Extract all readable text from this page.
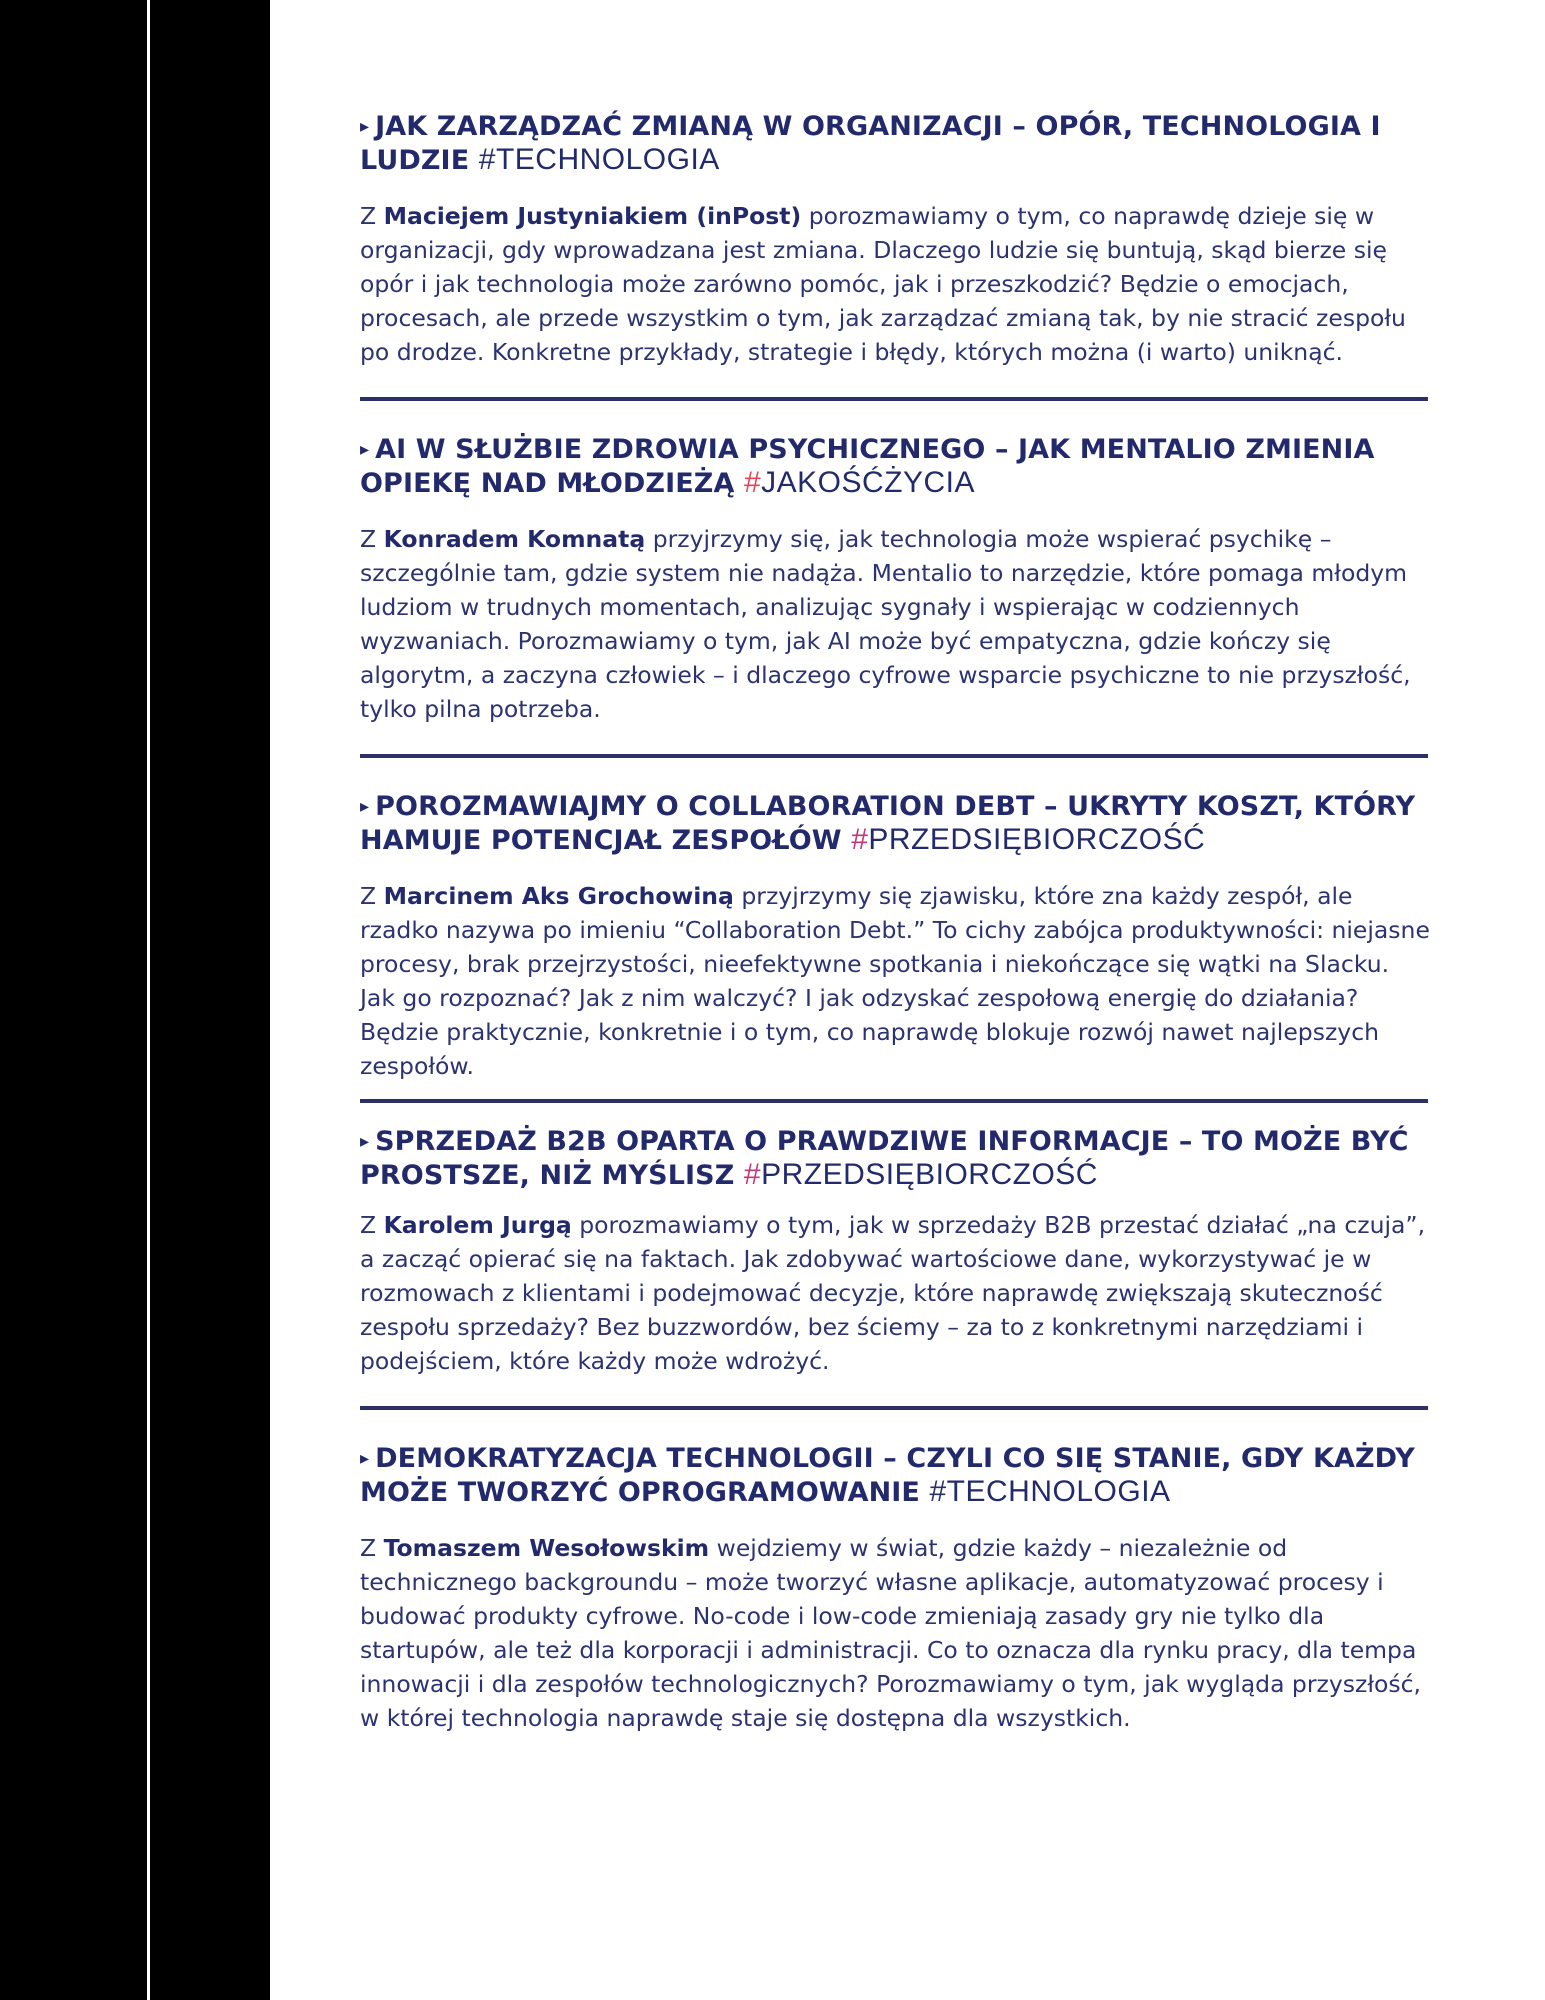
▸ JAK ZARZĄDZAĆ ZMIANĄ W ORGANIZACJI – OPÓR, TECHNOLOGIA I LUDZIE #TECHNOLOGIA

Z Maciejem Justyniakiem (inPost) porozmawiamy o tym, co naprawdę dzieje się w organizacji, gdy wprowadzana jest zmiana. Dlaczego ludzie się buntują, skąd bierze się opór i jak technologia może zarówno pomóc, jak i przeszkodzić? Będzie o emocjach, procesach, ale przede wszystkim o tym, jak zarządzać zmianą tak, by nie stracić zespołu po drodze. Konkretne przykłady, strategie i błędy, których można (i warto) uniknąć.

▸ AI W SŁUŻBIE ZDROWIA PSYCHICZNEGO – JAK MENTALIO ZMIENIA OPIEKĘ NAD MŁODZIEŻĄ #JAKOŚĆŻYCIA

Z Konradem Komnatą przyjrzymy się, jak technologia może wspierać psychikę – szczególnie tam, gdzie system nie nadąża. Mentalio to narzędzie, które pomaga młodym ludziom w trudnych momentach, analizując sygnały i wspierając w codziennych wyzwaniach. Porozmawiamy o tym, jak AI może być empatyczna, gdzie kończy się algorytm, a zaczyna człowiek – i dlaczego cyfrowe wsparcie psychiczne to nie przyszłość, tylko pilna potrzeba.

▸ POROZMAWIAJMY O COLLABORATION DEBT – UKRYTY KOSZT, KTÓRY HAMUJE POTENCJAŁ ZESPOŁÓW #PRZEDSIĘBIORCZOŚĆ

Z Marcinem Aks Grochowiną przyjrzymy się zjawisku, które zna każdy zespół, ale rzadko nazywa po imieniu “Collaboration Debt.” To cichy zabójca produktywności: niejasne procesy, brak przejrzystości, nieefektywne spotkania i niekończące się wątki na Slacku. Jak go rozpoznać? Jak z nim walczyć? I jak odzyskać zespołową energię do działania? Będzie praktycznie, konkretnie i o tym, co naprawdę blokuje rozwój nawet najlepszych zespołów.

▸ SPRZEDAŻ B2B OPARTA O PRAWDZIWE INFORMACJE – TO MOŻE BYĆ PROSTSZE, NIŻ MYŚLISZ #PRZEDSIĘBIORCZOŚĆ

Z Karolem Jurgą porozmawiamy o tym, jak w sprzedaży B2B przestać działać „na czuja”, a zacząć opierać się na faktach. Jak zdobywać wartościowe dane, wykorzystywać je w rozmowach z klientami i podejmować decyzje, które naprawdę zwiększają skuteczność zespołu sprzedaży? Bez buzzwordów, bez ściemy – za to z konkretnymi narzędziami i podejściem, które każdy może wdrożyć.

▸ DEMOKRATYZACJA TECHNOLOGII – CZYLI CO SIĘ STANIE, GDY KAŻDY MOŻE TWORZYĆ OPROGRAMOWANIE #TECHNOLOGIA

Z Tomaszem Wesołowskim wejdziemy w świat, gdzie każdy – niezależnie od technicznego backgroundu – może tworzyć własne aplikacje, automatyzować procesy i budować produkty cyfrowe. No-code i low-code zmieniają zasady gry nie tylko dla startupów, ale też dla korporacji i administracji. Co to oznacza dla rynku pracy, dla tempa innowacji i dla zespołów technologicznych? Porozmawiamy o tym, jak wygląda przyszłość, w której technologia naprawdę staje się dostępna dla wszystkich.
